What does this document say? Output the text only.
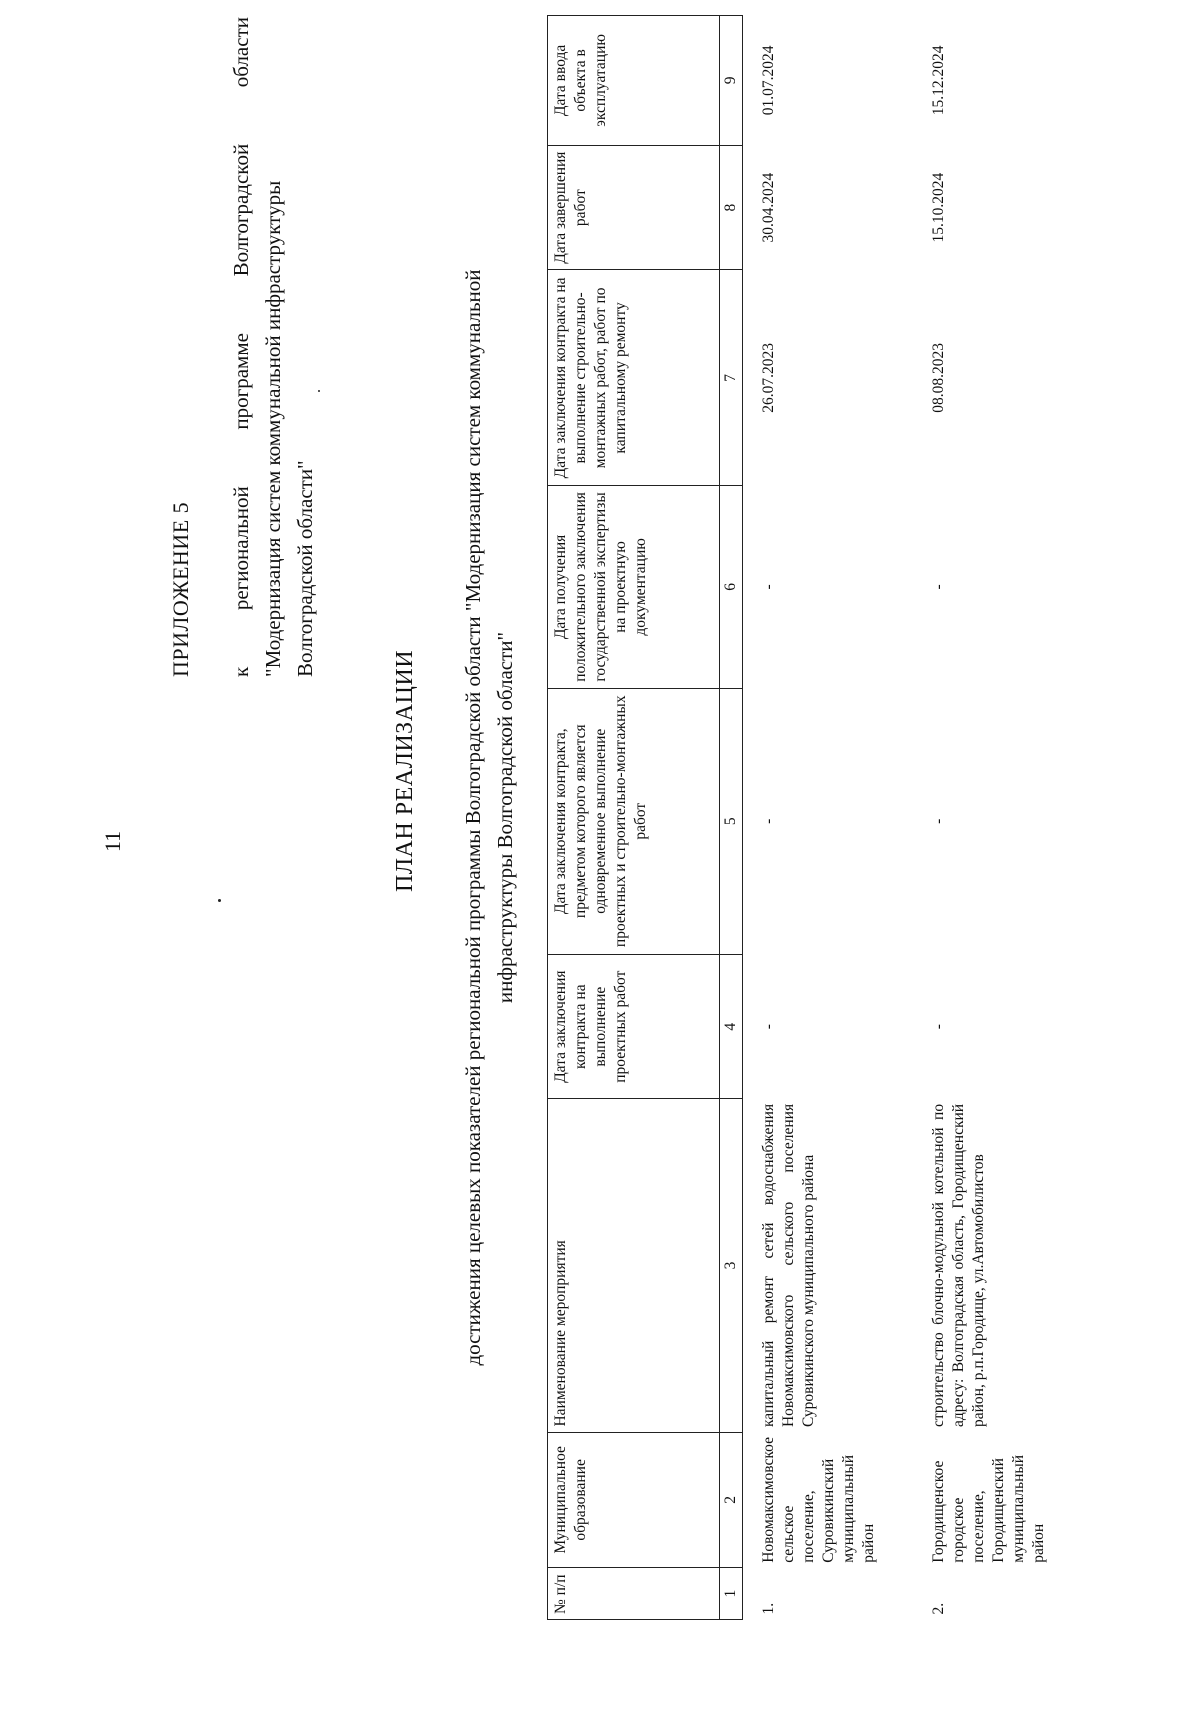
11
ПРИЛОЖЕНИЕ 5 к региональной программе Волгоградской области "Модернизация систем коммунальной инфраструктуры Волгоградской области"
ПЛАН РЕАЛИЗАЦИИ достижения целевых показателей региональной программы Волгоградской области "Модернизация систем коммунальной инфраструктуры Волгоградской области"
№ п/п	Муниципальное образование	Наименование мероприятия	Дата заключения контракта на выполнение проектных работ	Дата заключения контракта, предметом которого является одновременное выполнение проектных и строительно-монтажных работ	Дата получения положительного заключения государственной экспертизы на проектную документацию	Дата заключения контракта на выполнение строительно-монтажных работ, работ по капитальному ремонту	Дата завершения работ	Дата ввода объекта в эксплуатацию
1	2	3	4	5	6	7	8	9
1.	Новомаксимовское сельское поселение, Суровикинский муниципальный район	капитальный ремонт сетей водоснабжения Новомаксимовского сельского поселения Суровикинского муниципального района	-	-	-	26.07.2023	30.04.2024	01.07.2024
2.	Городищенское городское поселение, Городищенский муниципальный район	строительство блочно-модульной котельной по адресу: Волгоградская область, Городищенский район, р.п.Городище, ул.Автомобилистов	-	-	-	08.08.2023	15.10.2024	15.12.2024
